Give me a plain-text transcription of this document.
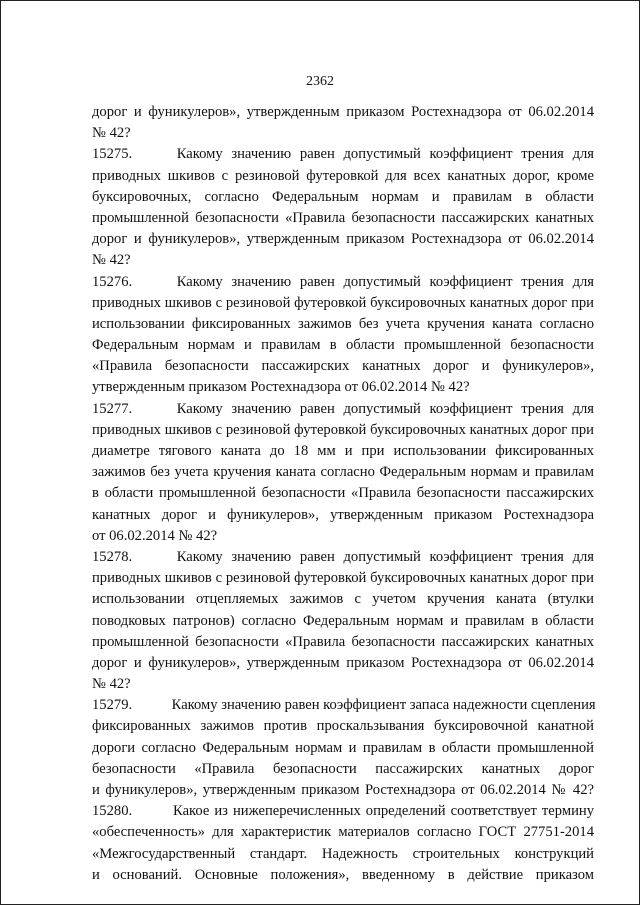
2362
дорог и фуникулеров», утвержденным приказом Ростехнадзора от 06.02.2014
№ 42?
15275. Какому значению равен допустимый коэффициент трения для
приводных шкивов с резиновой футеровкой для всех канатных дорог, кроме
буксировочных, согласно Федеральным нормам и правилам в области
промышленной безопасности «Правила безопасности пассажирских канатных
дорог и фуникулеров», утвержденным приказом Ростехнадзора от 06.02.2014
№ 42?
15276. Какому значению равен допустимый коэффициент трения для
приводных шкивов с резиновой футеровкой буксировочных канатных дорог при
использовании фиксированных зажимов без учета кручения каната согласно
Федеральным нормам и правилам в области промышленной безопасности
«Правила безопасности пассажирских канатных дорог и фуникулеров»,
утвержденным приказом Ростехнадзора от 06.02.2014 № 42?
15277. Какому значению равен допустимый коэффициент трения для
приводных шкивов с резиновой футеровкой буксировочных канатных дорог при
диаметре тягового каната до 18 мм и при использовании фиксированных
зажимов без учета кручения каната согласно Федеральным нормам и правилам
в области промышленной безопасности «Правила безопасности пассажирских
канатных дорог и фуникулеров», утвержденным приказом Ростехнадзора
от 06.02.2014 № 42?
15278. Какому значению равен допустимый коэффициент трения для
приводных шкивов с резиновой футеровкой буксировочных канатных дорог при
использовании отцепляемых зажимов с учетом кручения каната (втулки
поводковых патронов) согласно Федеральным нормам и правилам в области
промышленной безопасности «Правила безопасности пассажирских канатных
дорог и фуникулеров», утвержденным приказом Ростехнадзора от 06.02.2014
№ 42?
15279. Какому значению равен коэффициент запаса надежности сцепления
фиксированных зажимов против проскальзывания буксировочной канатной
дороги согласно Федеральным нормам и правилам в области промышленной
безопасности «Правила безопасности пассажирских канатных дорог
и фуникулеров», утвержденным приказом Ростехнадзора от 06.02.2014 № 42?
15280. Какое из нижеперечисленных определений соответствует термину
«обеспеченность» для характеристик материалов согласно ГОСТ 27751-2014
«Межгосударственный стандарт. Надежность строительных конструкций
и оснований. Основные положения», введенному в действие приказом
